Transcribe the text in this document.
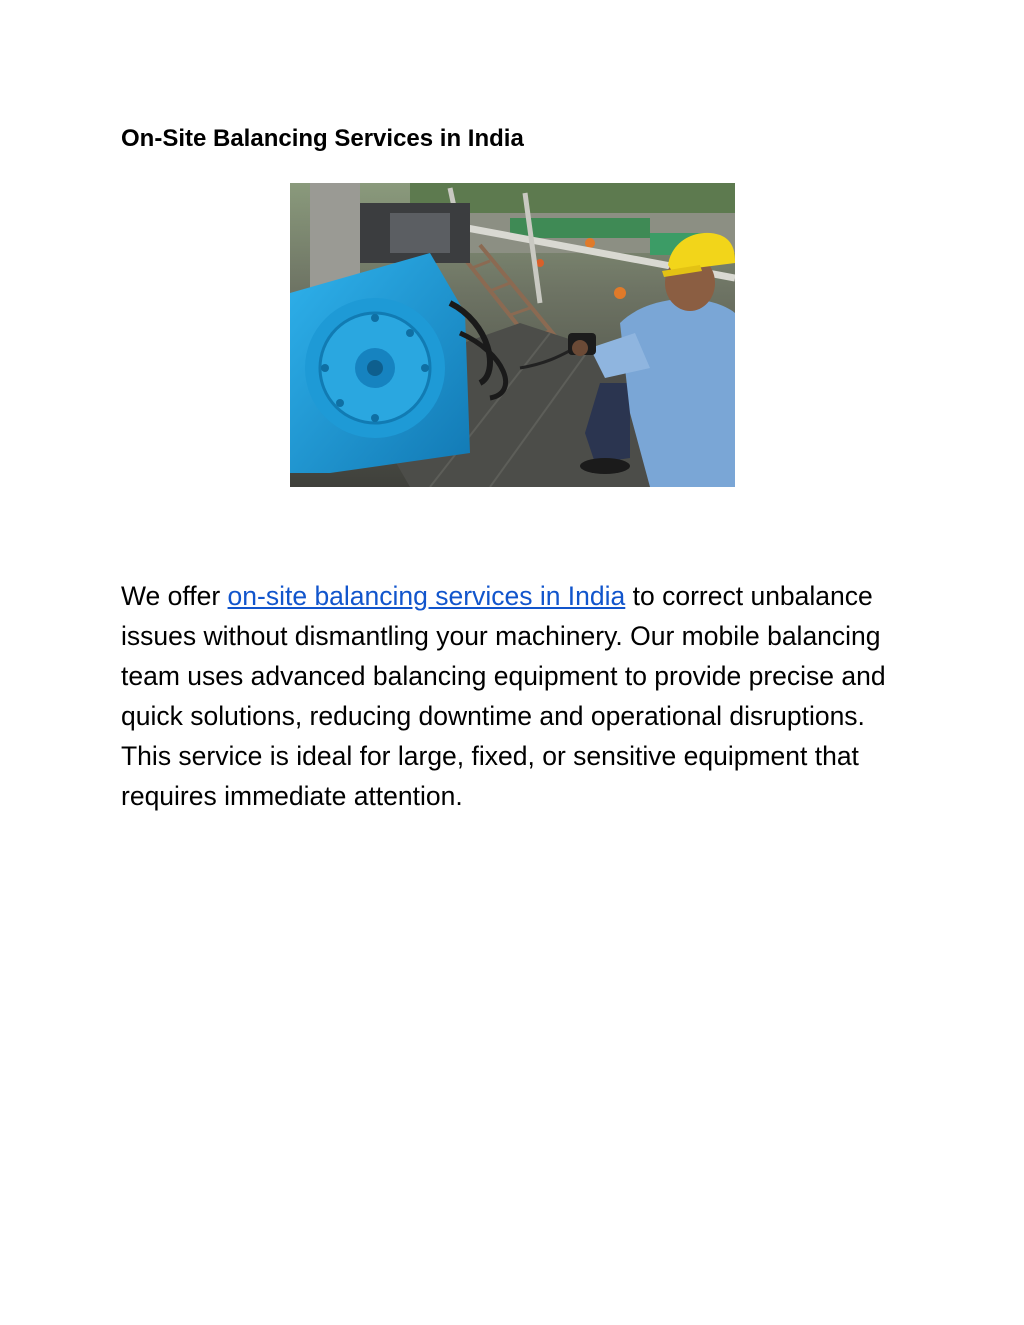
On-Site Balancing Services in India

We offer on-site balancing services in India to correct unbalance issues without dismantling your machinery. Our mobile balancing team uses advanced balancing equipment to provide precise and quick solutions, reducing downtime and operational disruptions. This service is ideal for large, fixed, or sensitive equipment that requires immediate attention.
